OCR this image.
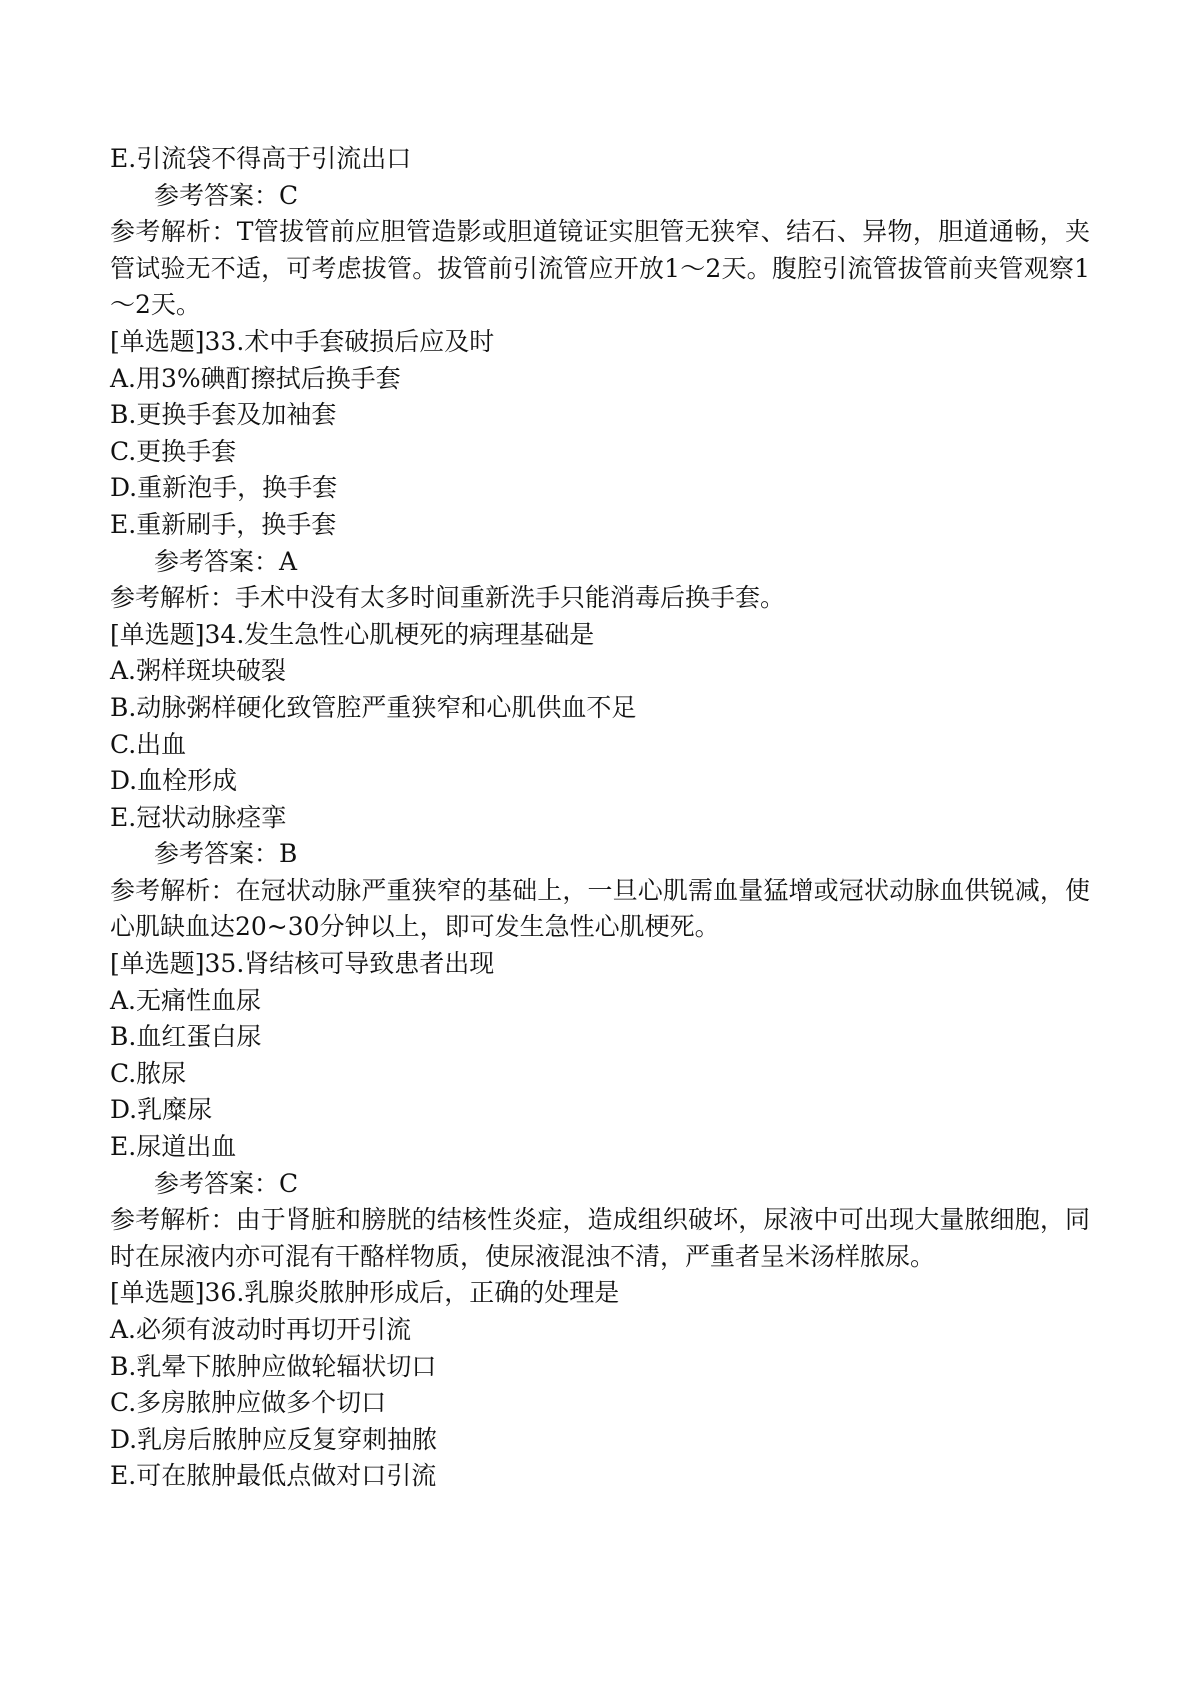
E.引流袋不得高于引流出口

参考答案：C

参考解析：T管拔管前应胆管造影或胆道镜证实胆管无狭窄、结石、异物，胆道通畅，夹管试验无不适，可考虑拔管。拔管前引流管应开放1～2天。腹腔引流管拔管前夹管观察1～2天。

[单选题]33.术中手套破损后应及时

A.用3%碘酊擦拭后换手套

B.更换手套及加袖套

C.更换手套

D.重新泡手，换手套

E.重新刷手，换手套

参考答案：A

参考解析：手术中没有太多时间重新洗手只能消毒后换手套。

[单选题]34.发生急性心肌梗死的病理基础是

A.粥样斑块破裂

B.动脉粥样硬化致管腔严重狭窄和心肌供血不足

C.出血

D.血栓形成

E.冠状动脉痉挛

参考答案：B

参考解析：在冠状动脉严重狭窄的基础上，一旦心肌需血量猛增或冠状动脉血供锐减，使心肌缺血达20~30分钟以上，即可发生急性心肌梗死。

[单选题]35.肾结核可导致患者出现

A.无痛性血尿

B.血红蛋白尿

C.脓尿

D.乳糜尿

E.尿道出血

参考答案：C

参考解析：由于肾脏和膀胱的结核性炎症，造成组织破坏，尿液中可出现大量脓细胞，同时在尿液内亦可混有干酪样物质，使尿液混浊不清，严重者呈米汤样脓尿。

[单选题]36.乳腺炎脓肿形成后，正确的处理是

A.必须有波动时再切开引流

B.乳晕下脓肿应做轮辐状切口

C.多房脓肿应做多个切口

D.乳房后脓肿应反复穿刺抽脓

E.可在脓肿最低点做对口引流
